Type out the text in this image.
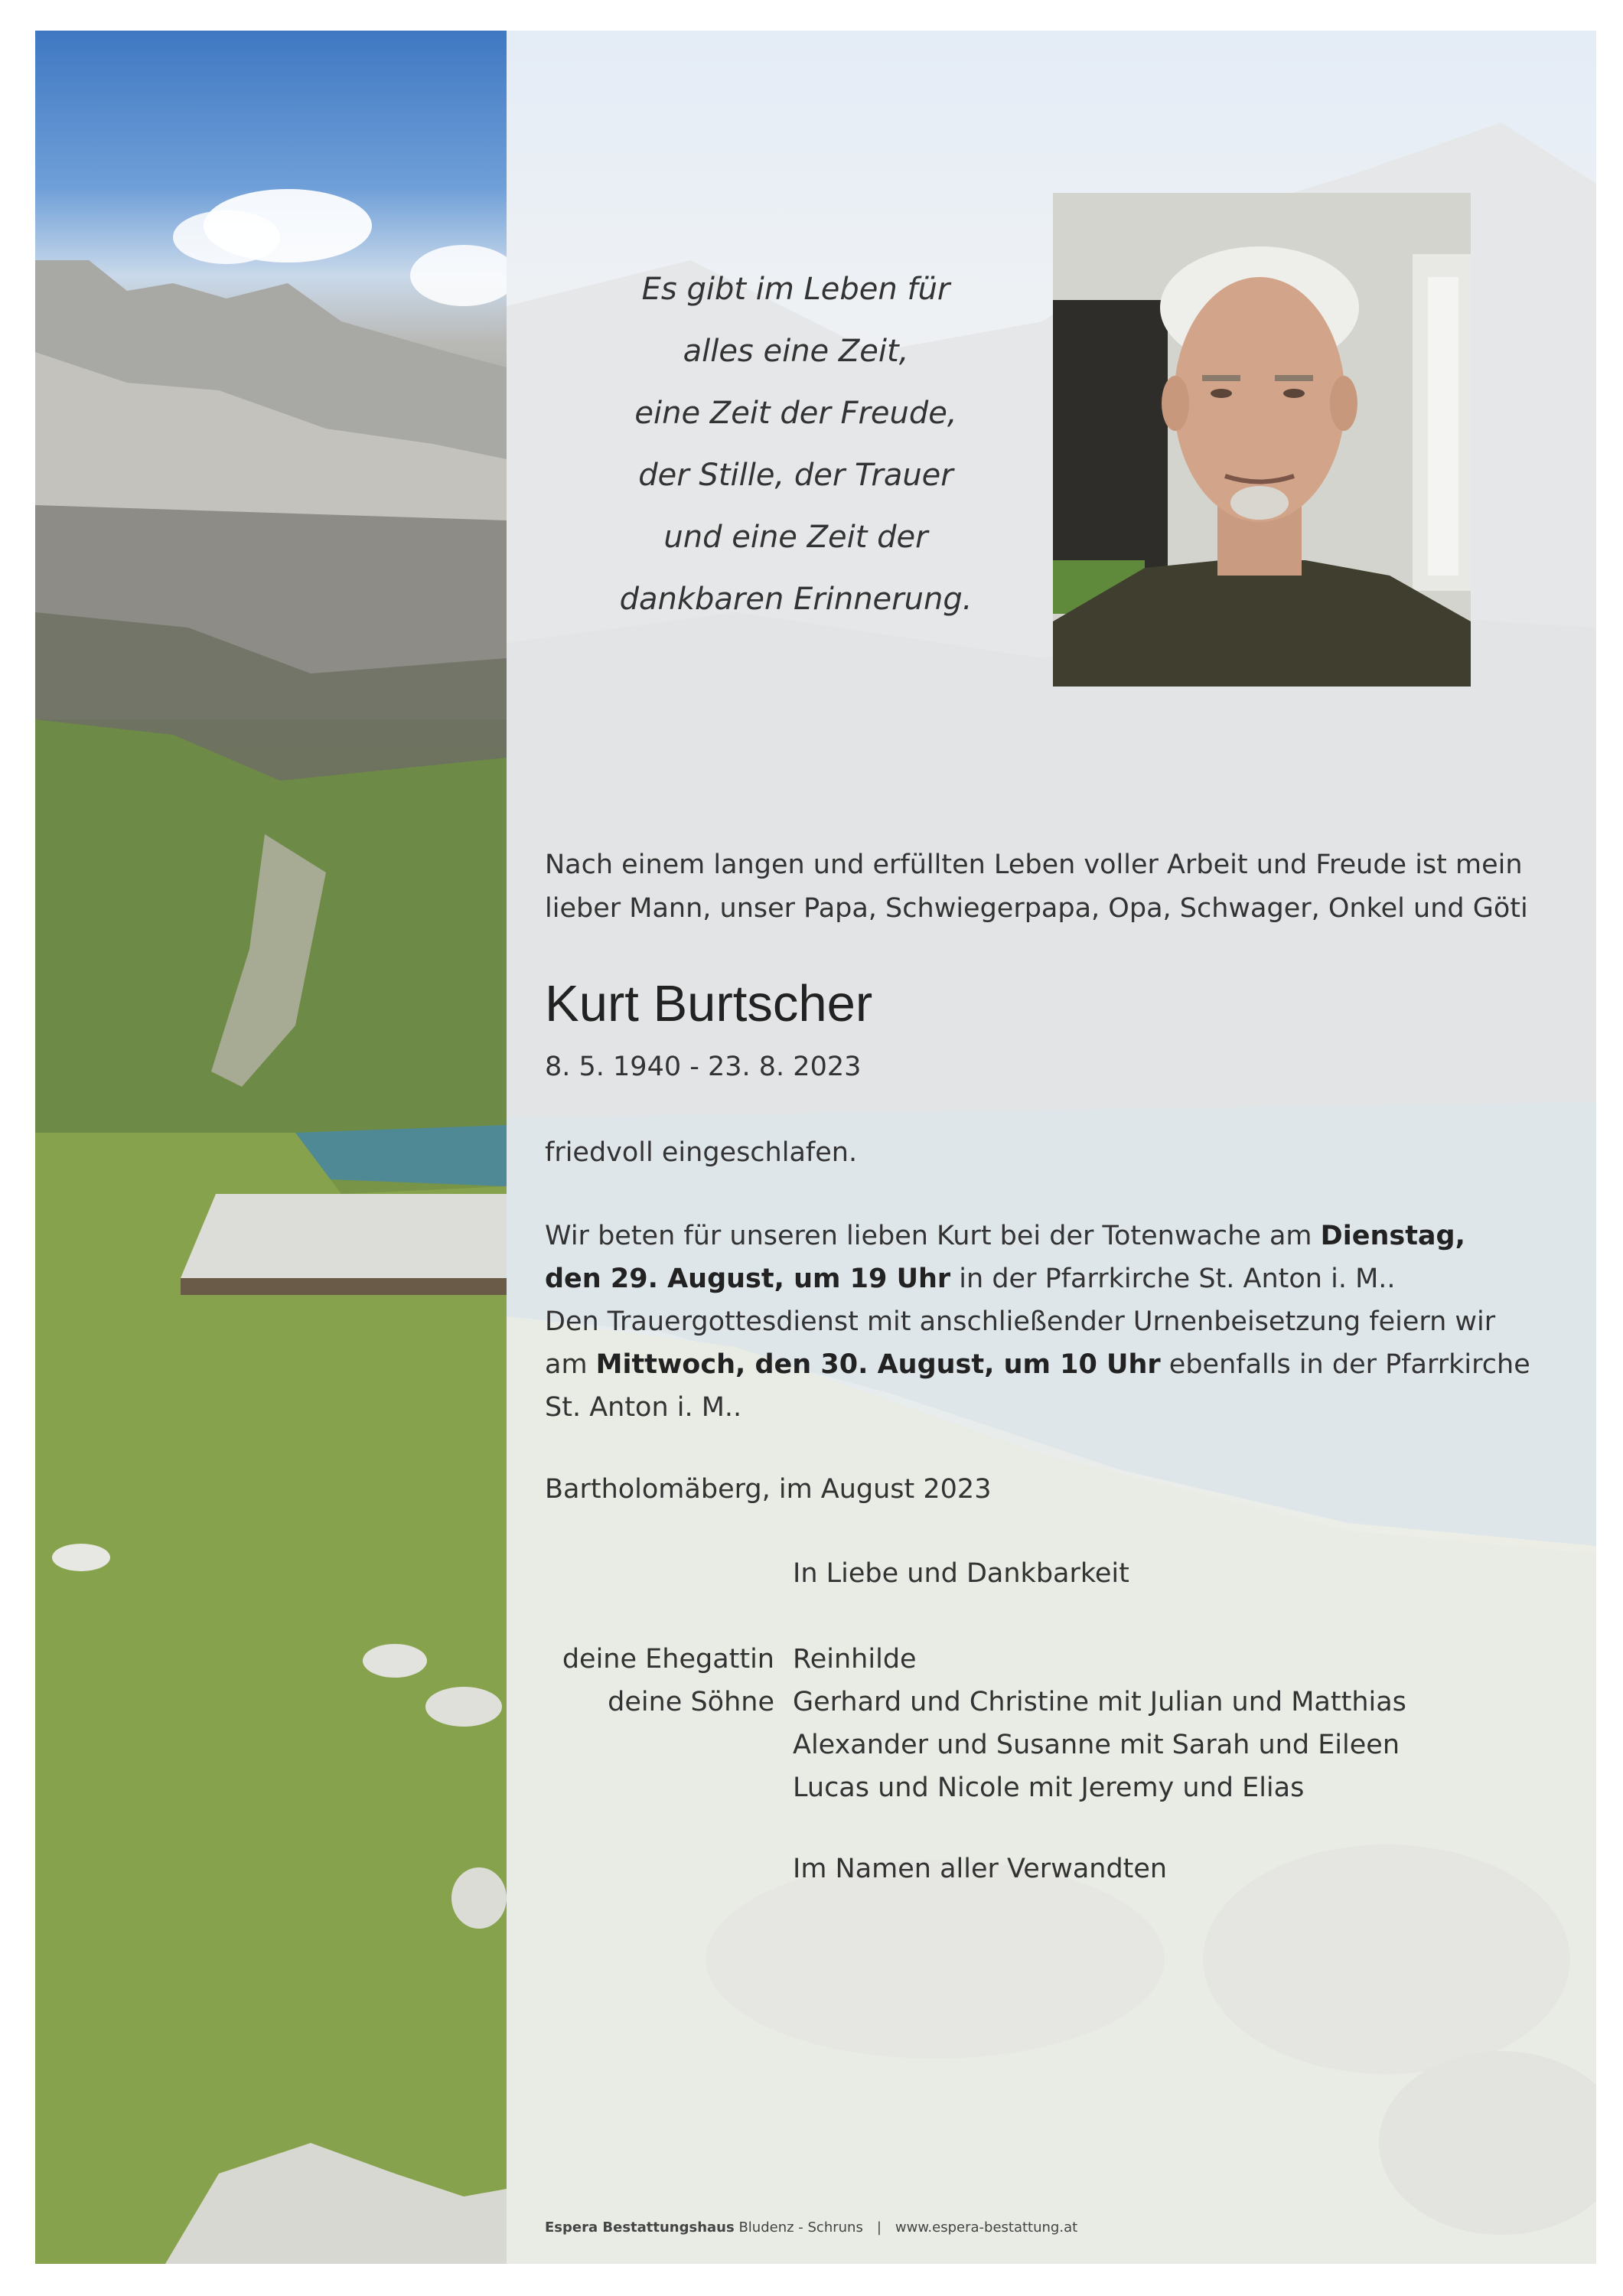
Es gibt im Leben für
alles eine Zeit,
eine Zeit der Freude,
der Stille, der Trauer
und eine Zeit der
dankbaren Erinnerung.
Nach einem langen und erfüllten Leben voller Arbeit und Freude ist mein
lieber Mann, unser Papa, Schwiegerpapa, Opa, Schwager, Onkel und Göti
Kurt Burtscher
8. 5. 1940 - 23. 8. 2023
friedvoll eingeschlafen.
Wir beten für unseren lieben Kurt bei der Totenwache am Dienstag,
den 29. August, um 19 Uhr in der Pfarrkirche St. Anton i. M..
Den Trauergottesdienst mit anschließender Urnenbeisetzung feiern wir
am Mittwoch, den 30. August, um 10 Uhr ebenfalls in der Pfarrkirche
St. Anton i. M..
Bartholomäberg, im August 2023
In Liebe und Dankbarkeit
deine Ehegattin Reinhilde
deine Söhne Gerhard und Christine mit Julian und Matthias
Alexander und Susanne mit Sarah und Eileen
Lucas und Nicole mit Jeremy und Elias
Im Namen aller Verwandten
Espera Bestattungshaus Bludenz - Schruns | www.espera-bestattung.at
